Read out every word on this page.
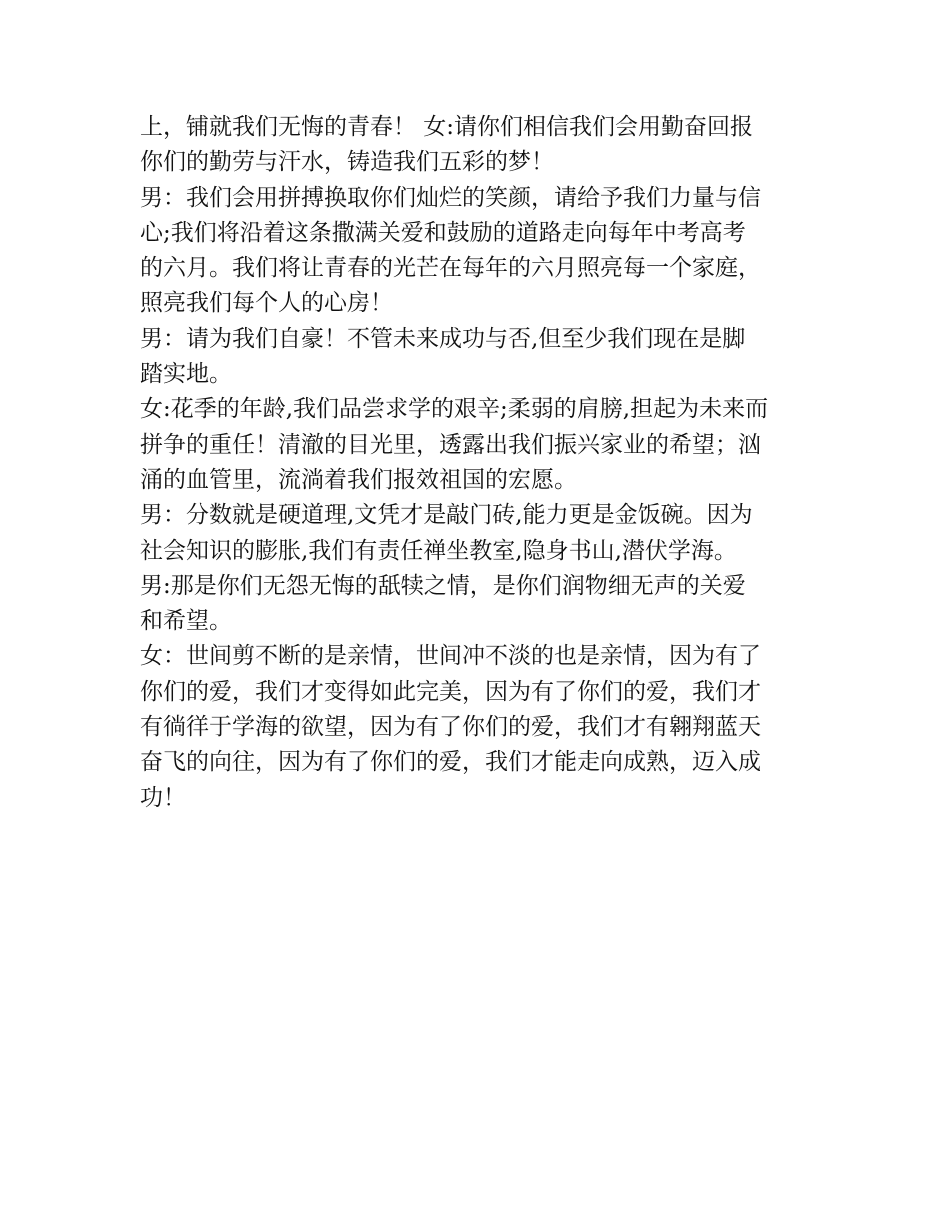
上，铺就我们无悔的青春！ 女:请你们相信我们会用勤奋回报
你们的勤劳与汗水，铸造我们五彩的梦！
男：我们会用拼搏换取你们灿烂的笑颜，请给予我们力量与信
心;我们将沿着这条撒满关爱和鼓励的道路走向每年中考高考
的六月。我们将让青春的光芒在每年的六月照亮每一个家庭，
照亮我们每个人的心房！
男：请为我们自豪！不管未来成功与否,但至少我们现在是脚
踏实地。
女:花季的年龄,我们品尝求学的艰辛;柔弱的肩膀,担起为未来而
拼争的重任！清澈的目光里，透露出我们振兴家业的希望；汹
涌的血管里，流淌着我们报效祖国的宏愿。
男：分数就是硬道理,文凭才是敲门砖,能力更是金饭碗。因为
社会知识的膨胀,我们有责任禅坐教室,隐身书山,潜伏学海。
男:那是你们无怨无悔的舐犊之情，是你们润物细无声的关爱
和希望。
女：世间剪不断的是亲情，世间冲不淡的也是亲情，因为有了
你们的爱，我们才变得如此完美，因为有了你们的爱，我们才
有徜徉于学海的欲望，因为有了你们的爱，我们才有翱翔蓝天
奋飞的向往，因为有了你们的爱，我们才能走向成熟，迈入成
功！
